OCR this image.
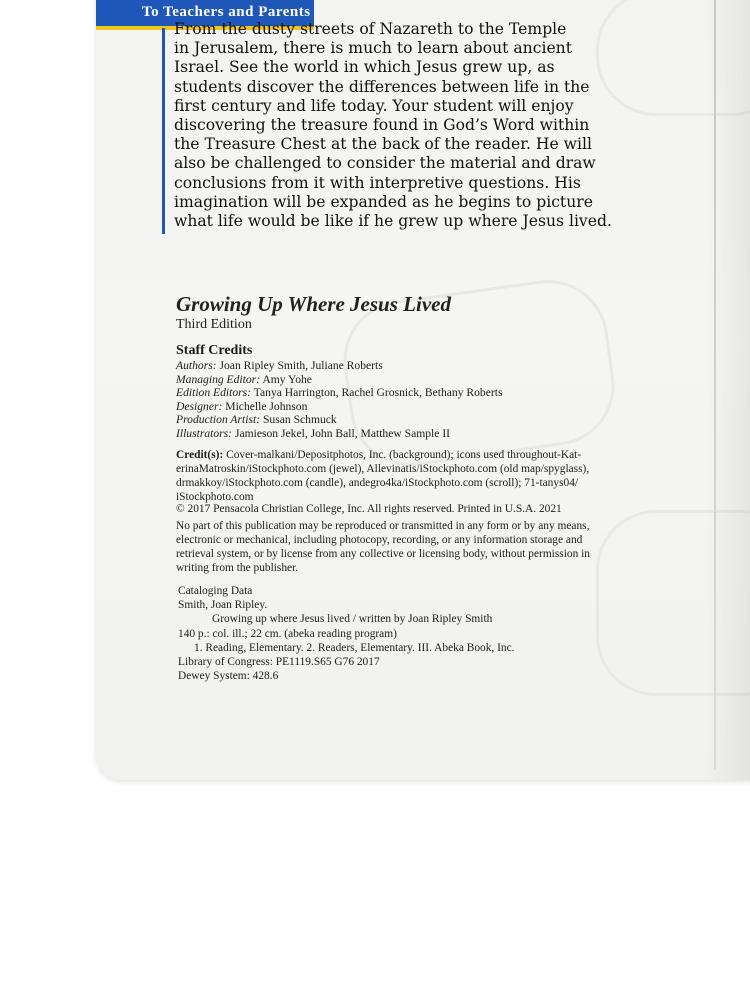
To Teachers and Parents
From the dusty streets of Nazareth to the Temple
in Jerusalem, there is much to learn about ancient
Israel. See the world in which Jesus grew up, as
students discover the differences between life in the
first century and life today. Your student will enjoy
discovering the treasure found in God’s Word within
the Treasure Chest at the back of the reader. He will
also be challenged to consider the material and draw
conclusions from it with interpretive questions. His
imagination will be expanded as he begins to picture
what life would be like if he grew up where Jesus lived.
Growing Up Where Jesus Lived
Third Edition
Staff Credits
Authors: Joan Ripley Smith, Juliane Roberts
Managing Editor: Amy Yohe
Edition Editors: Tanya Harrington, Rachel Grosnick, Bethany Roberts
Designer: Michelle Johnson
Production Artist: Susan Schmuck
Illustrators: Jamieson Jekel, John Ball, Matthew Sample II
Credit(s): Cover-malkani/Depositphotos, Inc. (background); icons used throughout-Kat-
erinaMatroskin/iStockphoto.com (jewel), Allevinatis/iStockphoto.com (old map/spyglass),
drmakkoy/iStockphoto.com (candle), andegro4ka/iStockphoto.com (scroll); 71-tanys04/
iStockphoto.com
© 2017 Pensacola Christian College, Inc. All rights reserved. Printed in U.S.A. 2021
No part of this publication may be reproduced or transmitted in any form or by any means,
electronic or mechanical, including photocopy, recording, or any information storage and
retrieval system, or by license from any collective or licensing body, without permission in
writing from the publisher.
Cataloging Data
Smith, Joan Ripley.
Growing up where Jesus lived / written by Joan Ripley Smith
140 p.: col. ill.; 22 cm. (abeka reading program)
1. Reading, Elementary. 2. Readers, Elementary. III. Abeka Book, Inc.
Library of Congress: PE1119.S65 G76 2017
Dewey System: 428.6
